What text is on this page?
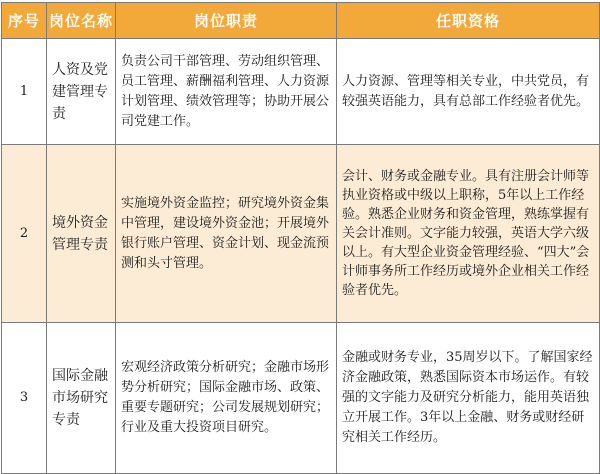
序号	岗位名称	岗位职责	任职资格
1	人资及党建管理专责	负责公司干部管理、劳动组织管理、员工管理、薪酬福利管理、人力资源计划管理、绩效管理等；协助开展公司党建工作。	人力资源、管理等相关专业，中共党员，有较强英语能力，具有总部工作经验者优先。
2	境外资金管理专责	实施境外资金监控；研究境外资金集中管理，建设境外资金池；开展境外银行账户管理、资金计划、现金流预测和头寸管理。	会计、财务或金融专业。具有注册会计师等执业资格或中级以上职称，5年以上工作经验。熟悉企业财务和资金管理，熟练掌握有关会计准则。文字能力较强，英语大学六级以上。有大型企业资金管理经验、“四大”会计师事务所工作经历或境外企业相关工作经验者优先。
3	国际金融市场研究专责	宏观经济政策分析研究；金融市场形势分析研究；国际金融市场、政策、重要专题研究；公司发展规划研究；行业及重大投资项目研究。	金融或财务专业，35周岁以下。了解国家经济金融政策，熟悉国际资本市场运作。有较强的文字能力及研究分析能力，能用英语独立开展工作。3年以上金融、财务或财经研究相关工作经历。
